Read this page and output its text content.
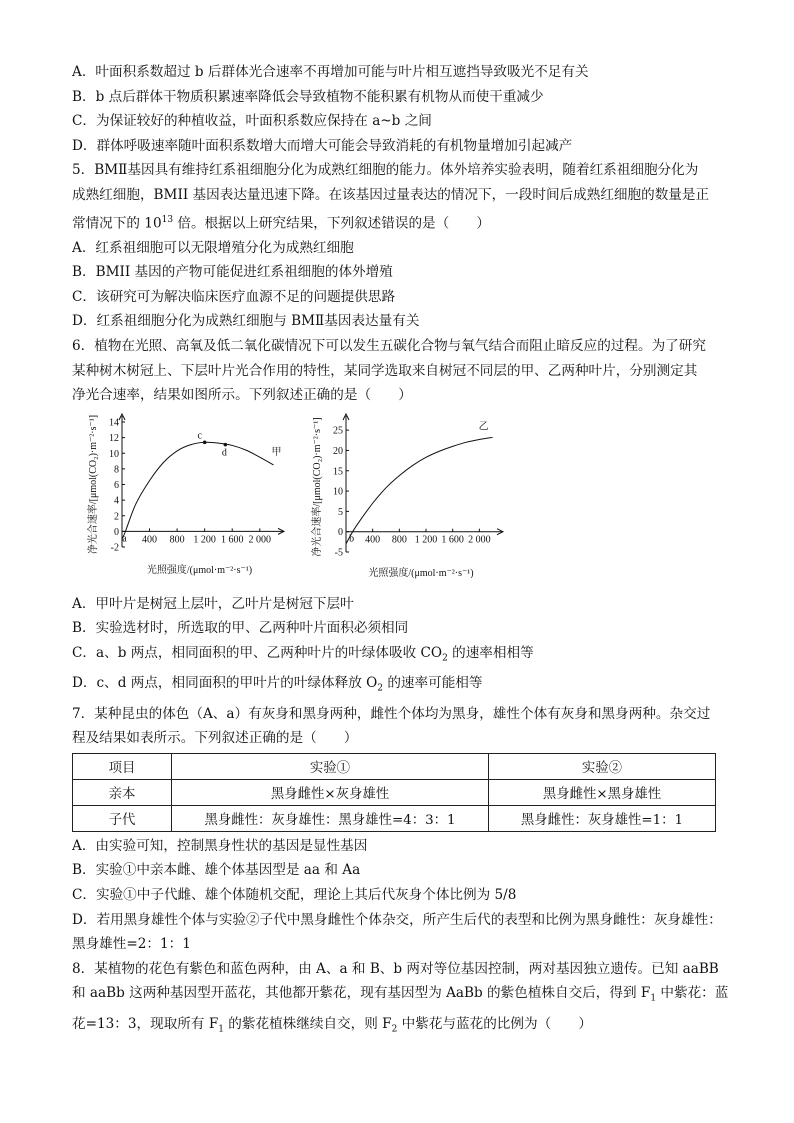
A．叶面积系数超过 b 后群体光合速率不再增加可能与叶片相互遮挡导致吸光不足有关
B．b 点后群体干物质积累速率降低会导致植物不能积累有机物从而使干重减少
C．为保证较好的种植收益，叶面积系数应保持在 a~b 之间
D．群体呼吸速率随叶面积系数增大而增大可能会导致消耗的有机物量增加引起减产
5．BMⅡ基因具有维持红系祖细胞分化为成熟红细胞的能力。体外培养实验表明，随着红系祖细胞分化为
成熟红细胞，BMII 基因表达量迅速下降。在该基因过量表达的情况下，一段时间后成熟红细胞的数量是正
常情况下的 $10^{13}$ 倍。根据以上研究结果，下列叙述错误的是（　　）
A．红系祖细胞可以无限增殖分化为成熟红细胞
B．BMII 基因的产物可能促进红系祖细胞的体外增殖
C．该研究可为解决临床医疗血源不足的问题提供思路
D．红系祖细胞分化为成熟红细胞与 BMⅡ基因表达量有关
6．植物在光照、高氧及低二氧化碳情况下可以发生五碳化合物与氧气结合而阻止暗反应的过程。为了研究
某种树木树冠上、下层叶片光合作用的特性，某同学选取来自树冠不同层的甲、乙两种叶片，分别测定其
净光合速率，结果如图所示。下列叙述正确的是（　　）
-2
0
2
4
6
8
10
12
14
400 800 1 200 1 600 2 000
甲
a
c
d
净光合速率/[μmol(CO₂)·m⁻²·s⁻¹]
光照强度/(μmol·m⁻²·s⁻¹)
-5
0
5
10
15
20
25
400 800 1 200 1 600 2 000
乙
b
净光合速率/[μmol(CO₂)·m⁻²·s⁻¹]
光照强度/(μmol·m⁻²·s⁻¹)
A．甲叶片是树冠上层叶，乙叶片是树冠下层叶
B．实验选材时，所选取的甲、乙两种叶片面积必须相同
C．a、b 两点，相同面积的甲、乙两种叶片的叶绿体吸收 $CO_2$ 的速率相相等
D．c、d 两点，相同面积的甲叶片的叶绿体释放 $O_2$ 的速率可能相等
7．某种昆虫的体色（A、a）有灰身和黑身两种，雌性个体均为黑身，雄性个体有灰身和黑身两种。杂交过
程及结果如表所示。下列叙述正确的是（　　）
项目	实验①	实验②
亲本	黑身雌性×灰身雄性	黑身雌性×黑身雄性
子代	黑身雌性：灰身雄性：黑身雄性=4：3：1	黑身雌性：灰身雄性=1：1
A．由实验可知，控制黑身性状的基因是显性基因
B．实验①中亲本雌、雄个体基因型是 aa 和 Aa
C．实验①中子代雌、雄个体随机交配，理论上其后代灰身个体比例为 5/8
D．若用黑身雄性个体与实验②子代中黑身雌性个体杂交，所产生后代的表型和比例为黑身雌性：灰身雄性：
黑身雄性=2：1：1
8．某植物的花色有紫色和蓝色两种，由 A、a 和 B、b 两对等位基因控制，两对基因独立遗传。已知 aaBB
和 aaBb 这两种基因型开蓝花，其他都开紫花，现有基因型为 AaBb 的紫色植株自交后，得到 $F_1$ 中紫花：蓝
花=13：3，现取所有 $F_1$ 的紫花植株继续自交，则 $F_2$ 中紫花与蓝花的比例为（　　）
